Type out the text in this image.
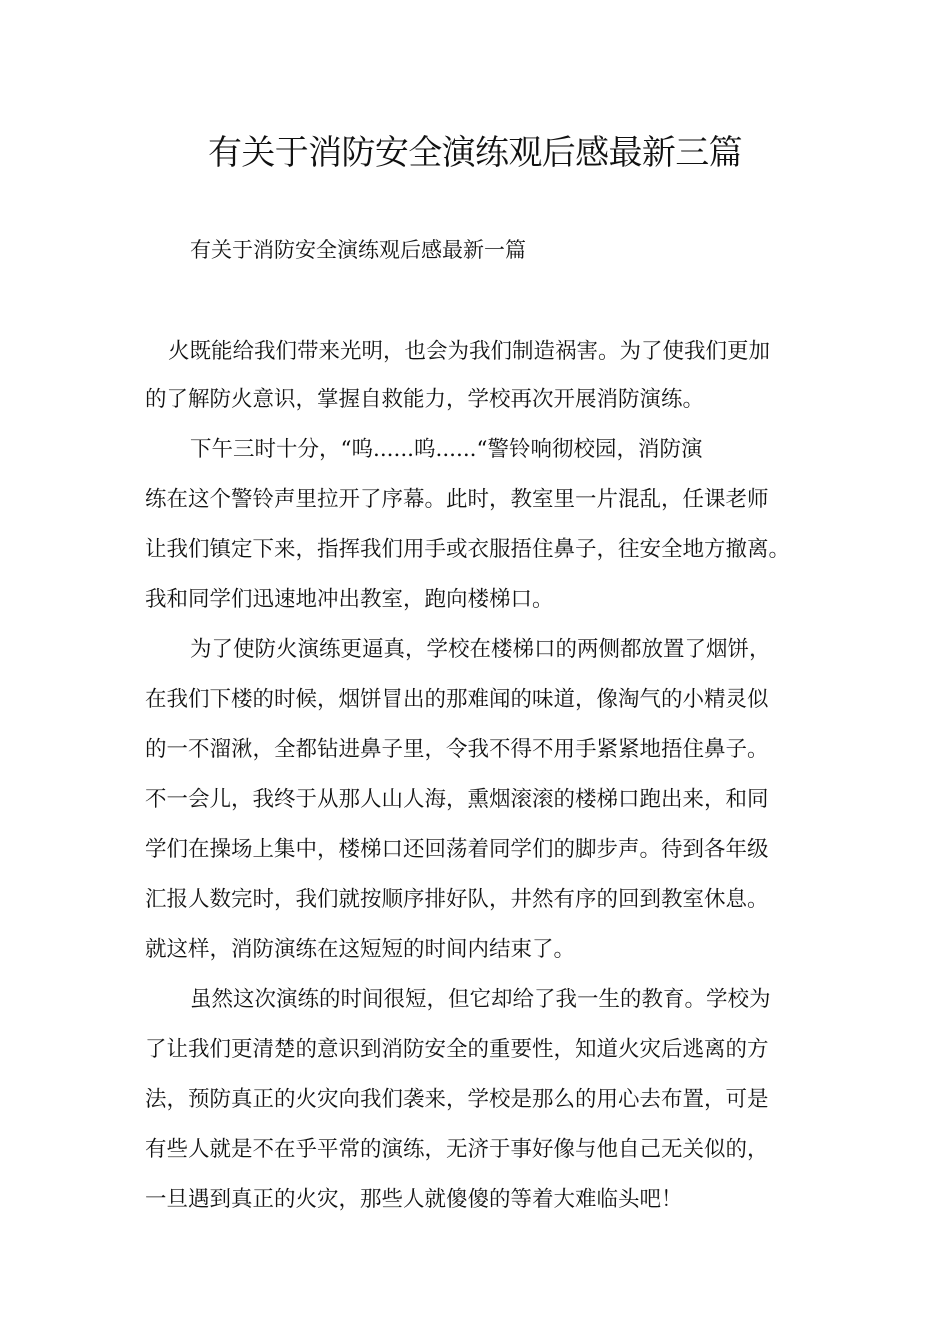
有关于消防安全演练观后感最新三篇
有关于消防安全演练观后感最新一篇
火既能给我们带来光明，也会为我们制造祸害。为了使我们更加
的了解防火意识，掌握自救能力，学校再次开展消防演练。
下午三时十分，“呜......呜......“警铃响彻校园，消防演
练在这个警铃声里拉开了序幕。此时，教室里一片混乱，任课老师
让我们镇定下来，指挥我们用手或衣服捂住鼻子，往安全地方撤离。
我和同学们迅速地冲出教室，跑向楼梯口。
为了使防火演练更逼真，学校在楼梯口的两侧都放置了烟饼，
在我们下楼的时候，烟饼冒出的那难闻的味道，像淘气的小精灵似
的一不溜湫，全都钻进鼻子里，令我不得不用手紧紧地捂住鼻子。
不一会儿，我终于从那人山人海，熏烟滚滚的楼梯口跑出来，和同
学们在操场上集中，楼梯口还回荡着同学们的脚步声。待到各年级
汇报人数完时，我们就按顺序排好队，井然有序的回到教室休息。
就这样，消防演练在这短短的时间内结束了。
虽然这次演练的时间很短，但它却给了我一生的教育。学校为
了让我们更清楚的意识到消防安全的重要性，知道火灾后逃离的方
法，预防真正的火灾向我们袭来，学校是那么的用心去布置，可是
有些人就是不在乎平常的演练，无济于事好像与他自己无关似的，
一旦遇到真正的火灾，那些人就傻傻的等着大难临头吧！
